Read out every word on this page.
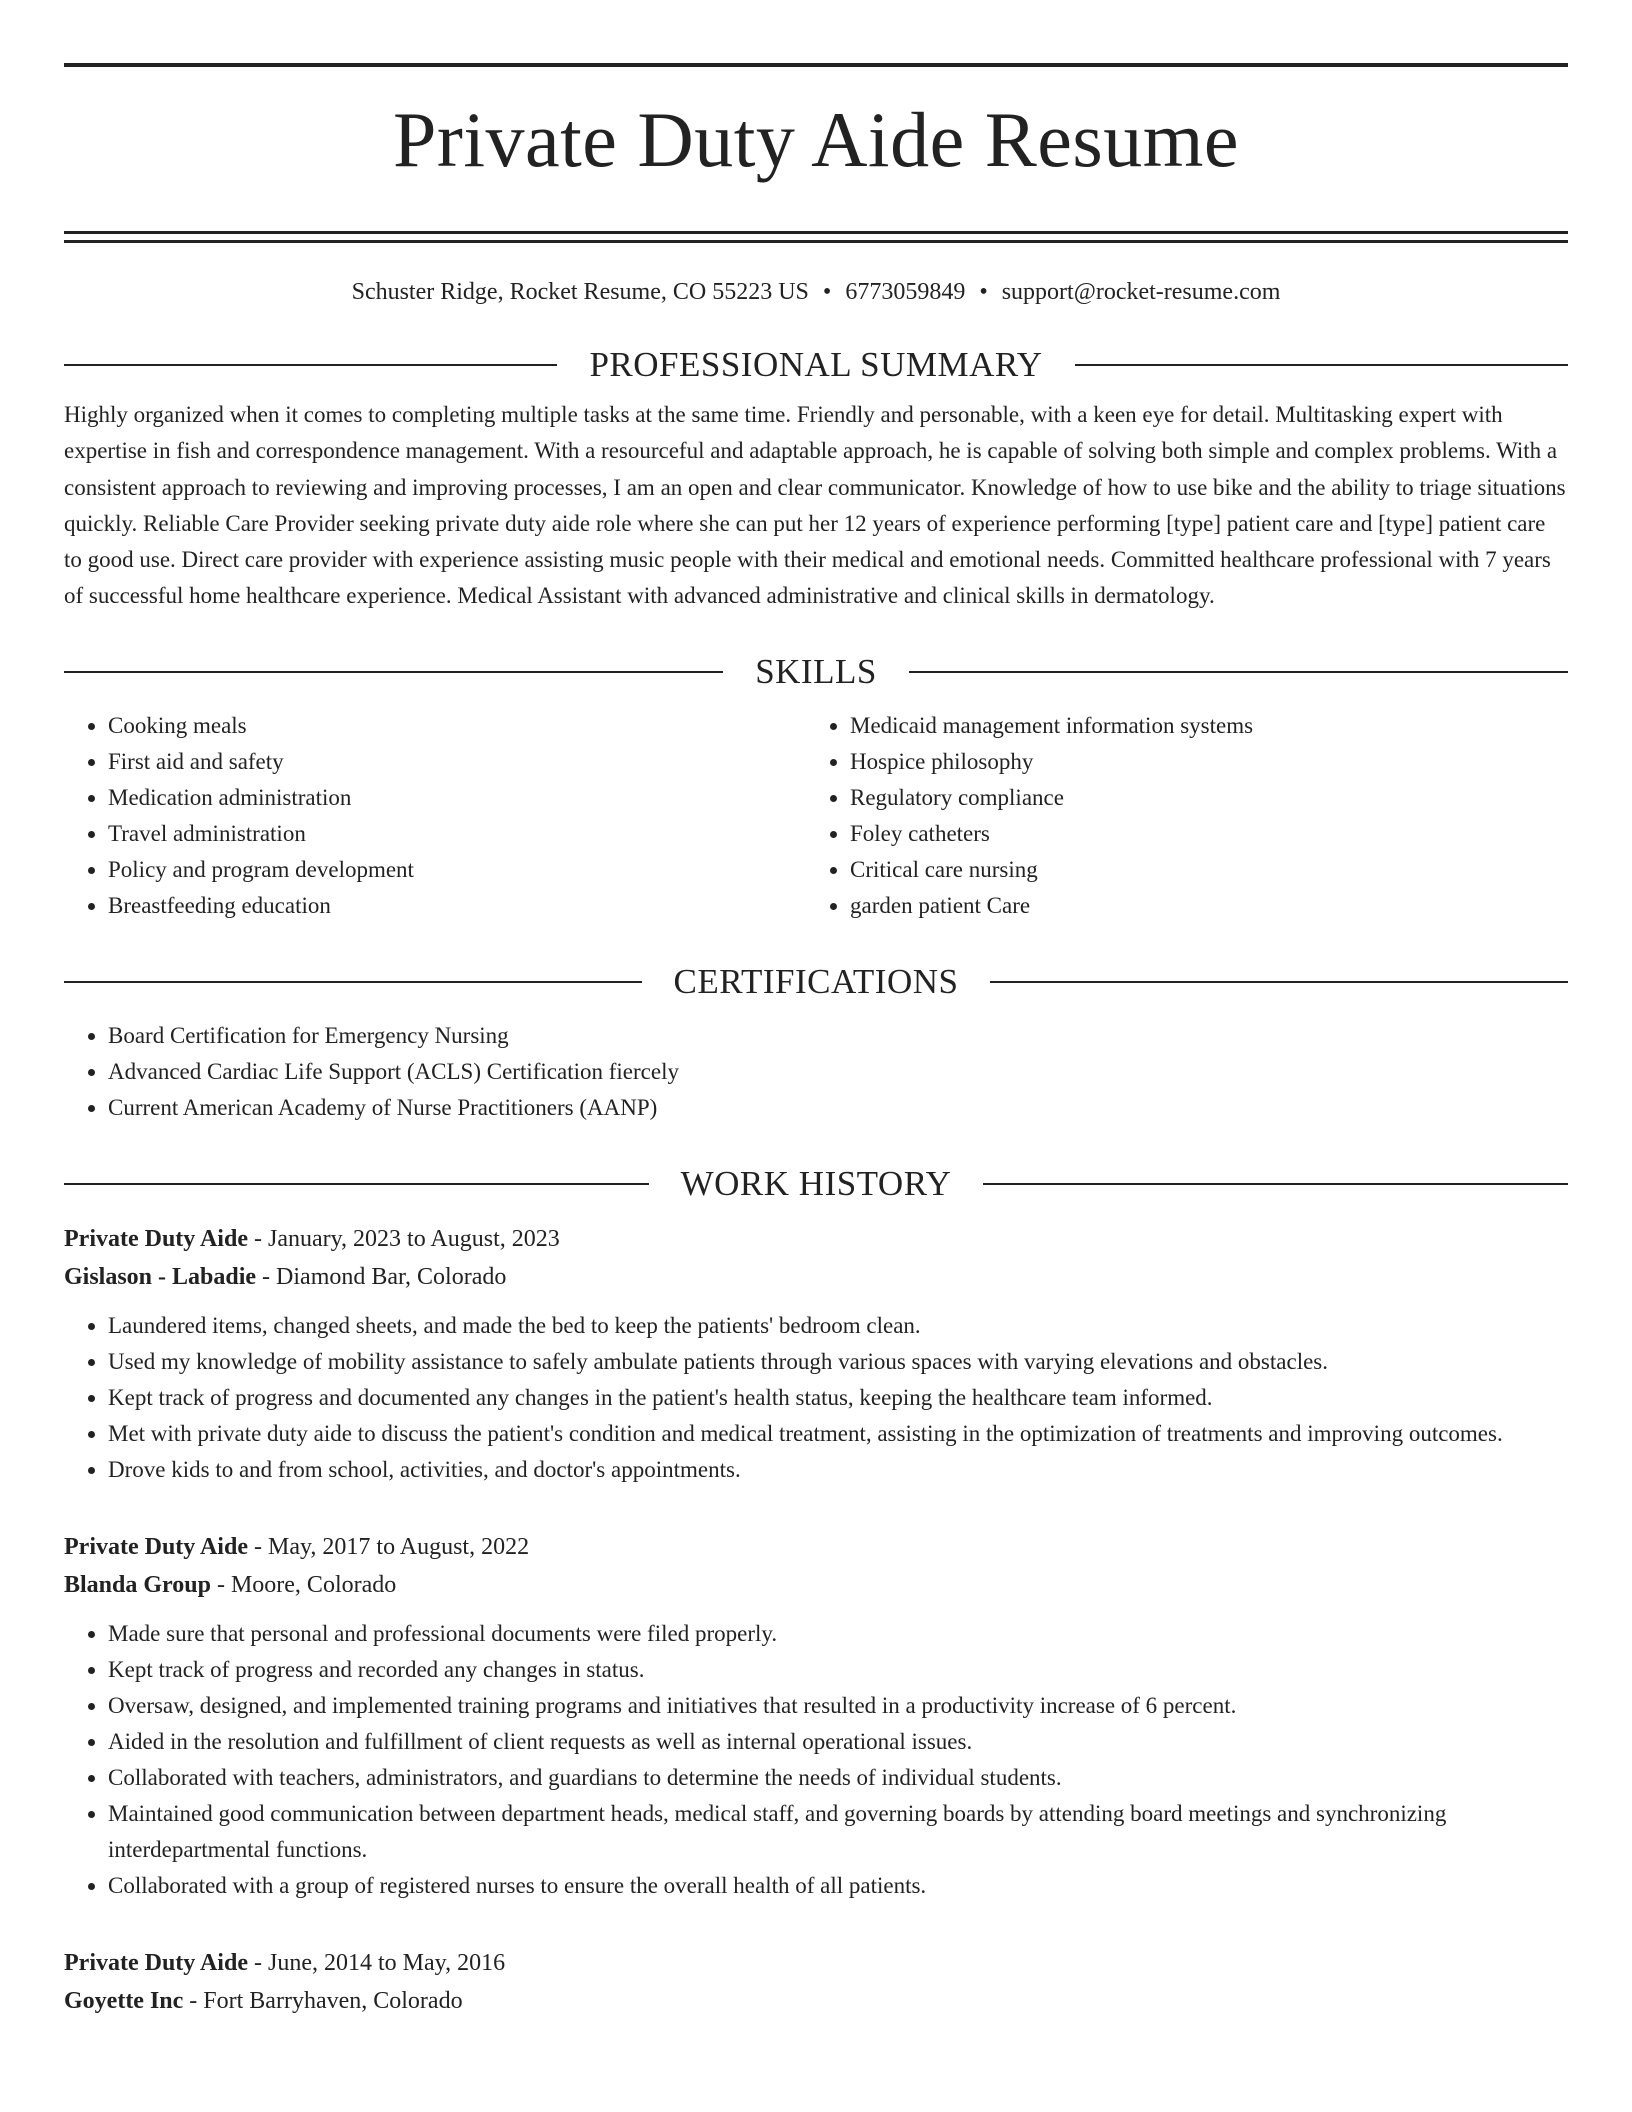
Private Duty Aide Resume
Schuster Ridge, Rocket Resume, CO 55223 US • 6773059849 • support@rocket-resume.com
PROFESSIONAL SUMMARY
Highly organized when it comes to completing multiple tasks at the same time. Friendly and personable, with a keen eye for detail. Multitasking expert with expertise in fish and correspondence management. With a resourceful and adaptable approach, he is capable of solving both simple and complex problems. With a consistent approach to reviewing and improving processes, I am an open and clear communicator. Knowledge of how to use bike and the ability to triage situations quickly. Reliable Care Provider seeking private duty aide role where she can put her 12 years of experience performing [type] patient care and [type] patient care to good use. Direct care provider with experience assisting music people with their medical and emotional needs. Committed healthcare professional with 7 years of successful home healthcare experience. Medical Assistant with advanced administrative and clinical skills in dermatology.
SKILLS
• Cooking meals
• First aid and safety
• Medication administration
• Travel administration
• Policy and program development
• Breastfeeding education
• Medicaid management information systems
• Hospice philosophy
• Regulatory compliance
• Foley catheters
• Critical care nursing
• garden patient Care
CERTIFICATIONS
• Board Certification for Emergency Nursing
• Advanced Cardiac Life Support (ACLS) Certification fiercely
• Current American Academy of Nurse Practitioners (AANP)
WORK HISTORY
Private Duty Aide - January, 2023 to August, 2023
Gislason - Labadie - Diamond Bar, Colorado
• Laundered items, changed sheets, and made the bed to keep the patients' bedroom clean.
• Used my knowledge of mobility assistance to safely ambulate patients through various spaces with varying elevations and obstacles.
• Kept track of progress and documented any changes in the patient's health status, keeping the healthcare team informed.
• Met with private duty aide to discuss the patient's condition and medical treatment, assisting in the optimization of treatments and improving outcomes.
• Drove kids to and from school, activities, and doctor's appointments.
Private Duty Aide - May, 2017 to August, 2022
Blanda Group - Moore, Colorado
• Made sure that personal and professional documents were filed properly.
• Kept track of progress and recorded any changes in status.
• Oversaw, designed, and implemented training programs and initiatives that resulted in a productivity increase of 6 percent.
• Aided in the resolution and fulfillment of client requests as well as internal operational issues.
• Collaborated with teachers, administrators, and guardians to determine the needs of individual students.
• Maintained good communication between department heads, medical staff, and governing boards by attending board meetings and synchronizing interdepartmental functions.
• Collaborated with a group of registered nurses to ensure the overall health of all patients.
Private Duty Aide - June, 2014 to May, 2016
Goyette Inc - Fort Barryhaven, Colorado
